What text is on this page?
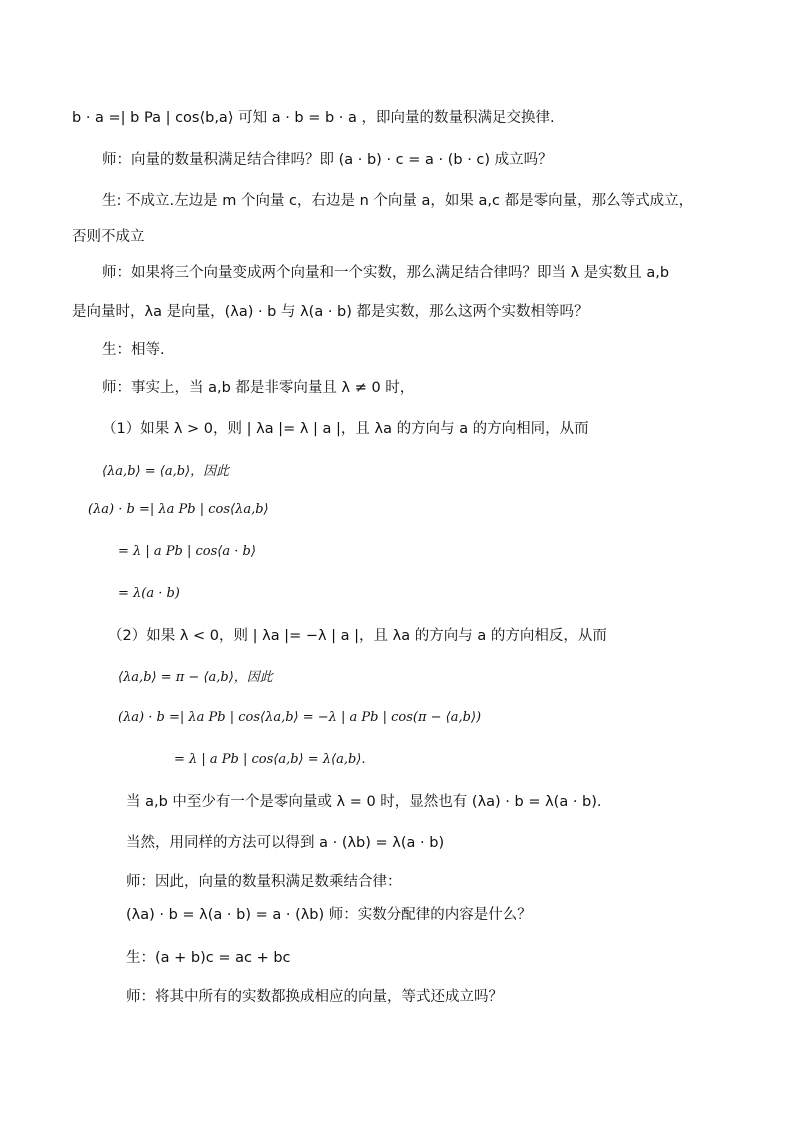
b · a =| b Pa | cos⟨b,a⟩ 可知 a · b = b · a ，即向量的数量积满足交换律.
师：向量的数量积满足结合律吗？即 (a · b) · c = a · (b · c) 成立吗？
生: 不成立.左边是 m 个向量 c，右边是 n 个向量 a，如果 a,c 都是零向量，那么等式成立，
否则不成立
师：如果将三个向量变成两个向量和一个实数，那么满足结合律吗？即当 λ 是实数且 a,b
是向量时，λa 是向量，(λa) · b 与 λ(a · b) 都是实数，那么这两个实数相等吗？
生：相等.
师：事实上，当 a,b 都是非零向量且 λ ≠ 0 时，
（1）如果 λ > 0，则 | λa |= λ | a |，且 λa 的方向与 a 的方向相同，从而
⟨λa,b⟩ = ⟨a,b⟩，因此
(λa) · b =| λa Pb | cos⟨λa,b⟩
= λ | a Pb | cos⟨a · b⟩
= λ(a · b)
（2）如果 λ < 0，则 | λa |= −λ | a |，且 λa 的方向与 a 的方向相反，从而
⟨λa,b⟩ = π − ⟨a,b⟩，因此
(λa) · b =| λa Pb | cos⟨λa,b⟩ = −λ | a Pb | cos(π − ⟨a,b⟩)
= λ | a Pb | cos⟨a,b⟩ = λ⟨a,b⟩.
当 a,b 中至少有一个是零向量或 λ = 0 时，显然也有 (λa) · b = λ(a · b).
当然，用同样的方法可以得到 a · (λb) = λ(a · b)
师：因此，向量的数量积满足数乘结合律：
(λa) · b = λ(a · b) = a · (λb) 师：实数分配律的内容是什么？
生：(a + b)c = ac + bc
师：将其中所有的实数都换成相应的向量，等式还成立吗？
